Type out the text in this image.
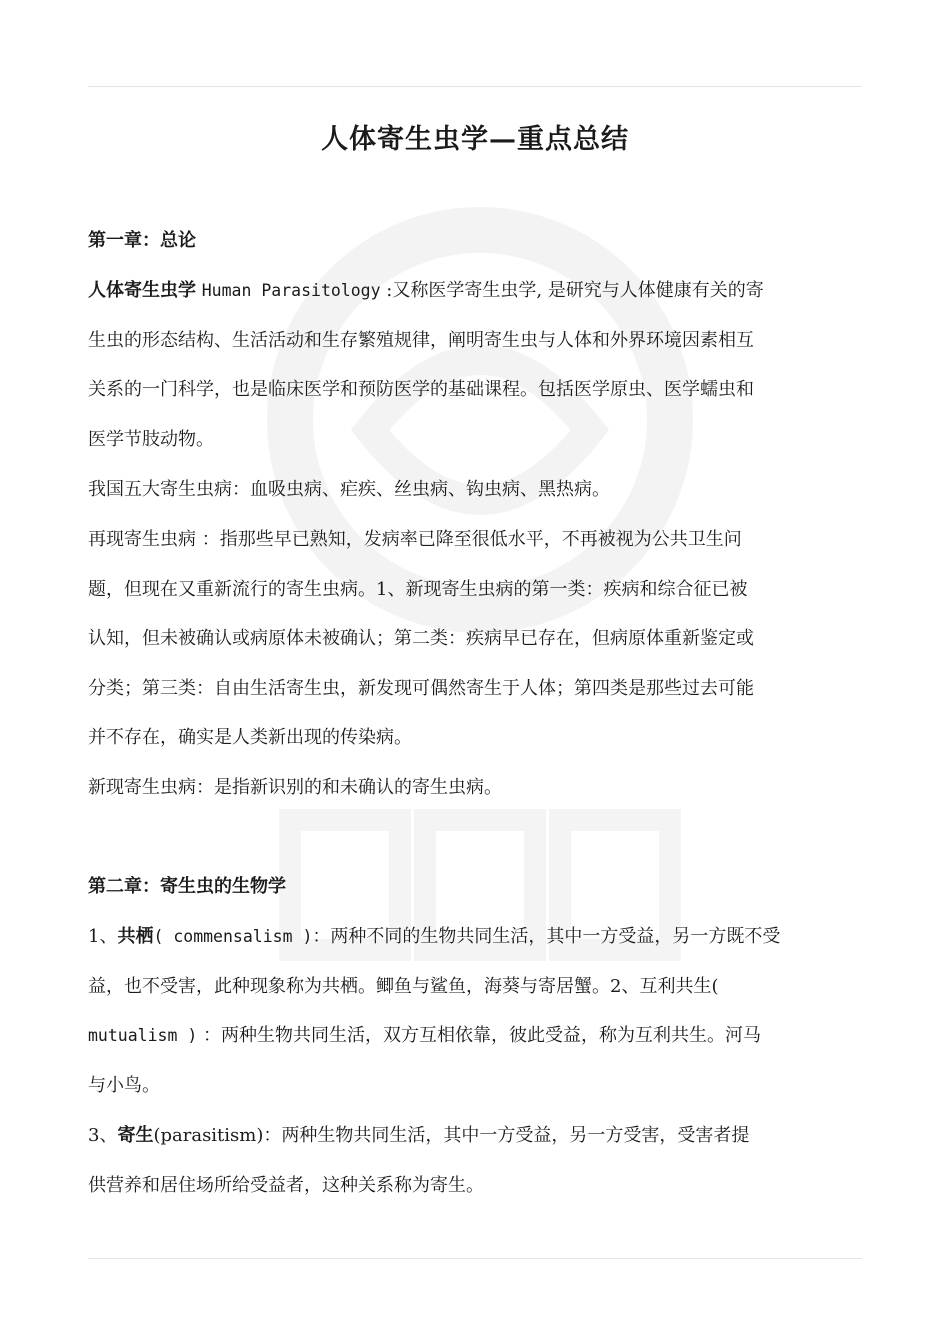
人体寄生虫学—重点总结
第一章：总论

人体寄生虫学 Human Parasitology :又称医学寄生虫学, 是研究与人体健康有关的寄
生虫的形态结构、生活活动和生存繁殖规律，阐明寄生虫与人体和外界环境因素相互
关系的一门科学，也是临床医学和预防医学的基础课程。包括医学原虫、医学蠕虫和
医学节肢动物。

我国五大寄生虫病：血吸虫病、疟疾、丝虫病、钩虫病、黑热病。

再现寄生虫病 ：指那些早已熟知，发病率已降至很低水平，不再被视为公共卫生问
题，但现在又重新流行的寄生虫病。1、新现寄生虫病的第一类：疾病和综合征已被
认知，但未被确认或病原体未被确认；第二类：疾病早已存在，但病原体重新鉴定或
分类；第三类：自由生活寄生虫，新发现可偶然寄生于人体；第四类是那些过去可能
并不存在，确实是人类新出现的传染病。

新现寄生虫病：是指新识别的和未确认的寄生虫病。

第二章：寄生虫的生物学

1、共栖( commensalism )：两种不同的生物共同生活，其中一方受益，另一方既不受
益，也不受害，此种现象称为共栖。鲫鱼与鲨鱼，海葵与寄居蟹。2、互利共生(
mutualism ) ：两种生物共同生活，双方互相依靠，彼此受益，称为互利共生。河马
与小鸟。

3、寄生(parasitism)：两种生物共同生活，其中一方受益，另一方受害，受害者提
供营养和居住场所给受益者，这种关系称为寄生。
